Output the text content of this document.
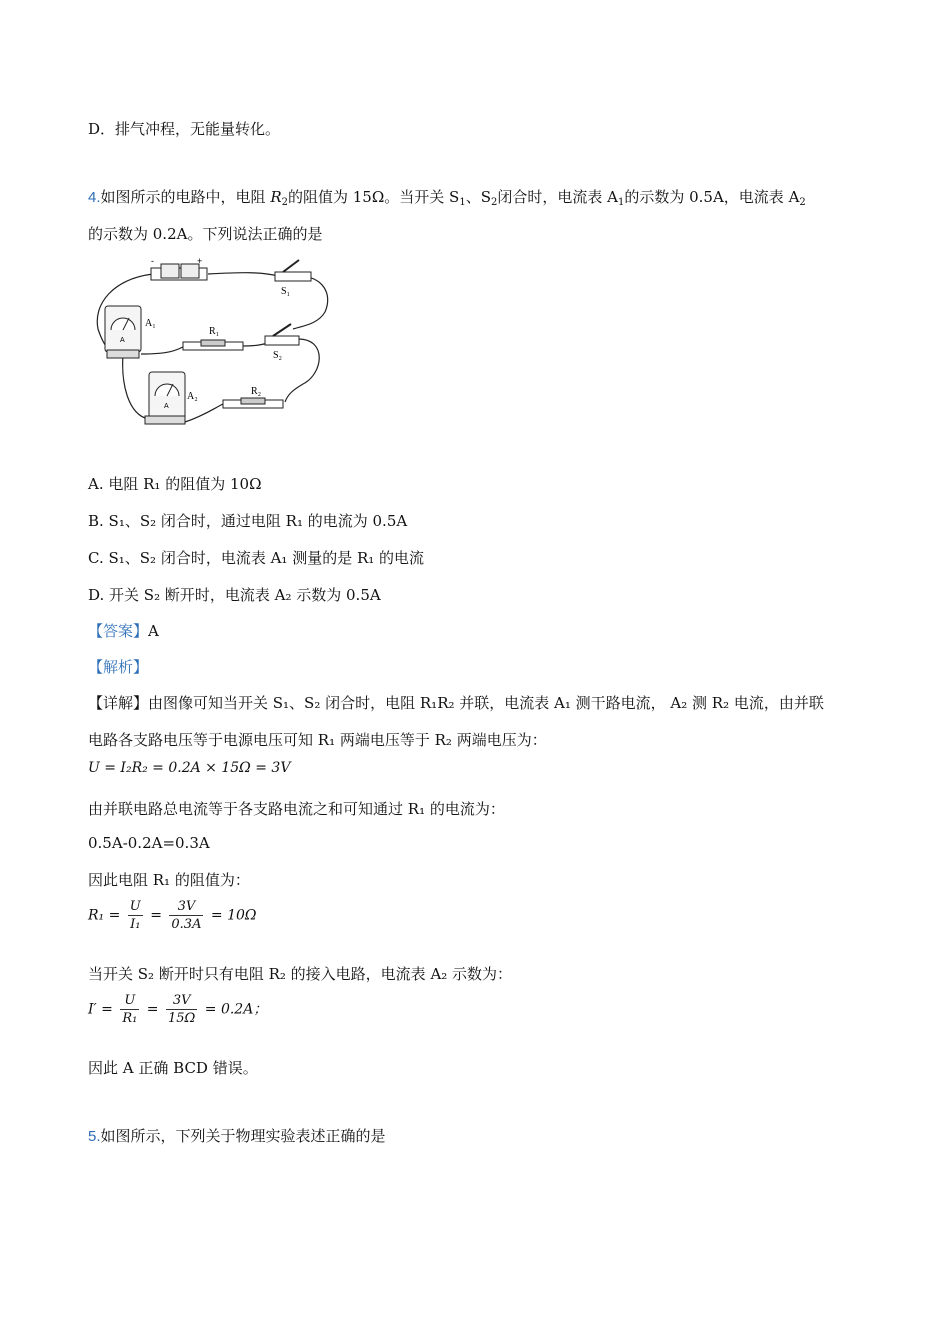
D．排气冲程，无能量转化。
4.如图所示的电路中，电阻 $R_2$的阻值为 15Ω。当开关 $S_1$、$S_2$闭合时，电流表 $A_1$的示数为 0.5A，电流表 $A_2$
的示数为 0.2A。下列说法正确的是
-	+
S₁
S₂
A
A₁
R₁
A
A₂	R₂
A. 电阻 R₁ 的阻值为 10Ω
B. S₁、S₂ 闭合时，通过电阻 R₁ 的电流为 0.5A
C. S₁、S₂ 闭合时，电流表 A₁ 测量的是 R₁ 的电流
D. 开关 S₂ 断开时，电流表 A₂ 示数为 0.5A
【答案】A
【解析】
【详解】由图像可知当开关 S₁、S₂ 闭合时，电阻 R₁R₂ 并联，电流表 A₁ 测干路电流， A₂ 测 R₂ 电流，由并联
电路各支路电压等于电源电压可知 R₁ 两端电压等于 R₂ 两端电压为：
U = I₂R₂ = 0.2A × 15Ω = 3V
由并联电路总电流等于各支路电流之和可知通过 R₁ 的电流为：
0.5A-0.2A=0.3A
因此电阻 R₁ 的阻值为：
$R_1 = \frac{U}{\text{I₁}} = \frac{3V}{0.3A} = 10\Omega$
当开关 S₂ 断开时只有电阻 R₂ 的接入电路，电流表 A₂ 示数为：
$I' = \frac{U}{\text{R₁}} = \frac{3V}{15\Omega} = 0.2A$；
因此 A 正确 BCD 错误。
5.如图所示，下列关于物理实验表述正确的是
